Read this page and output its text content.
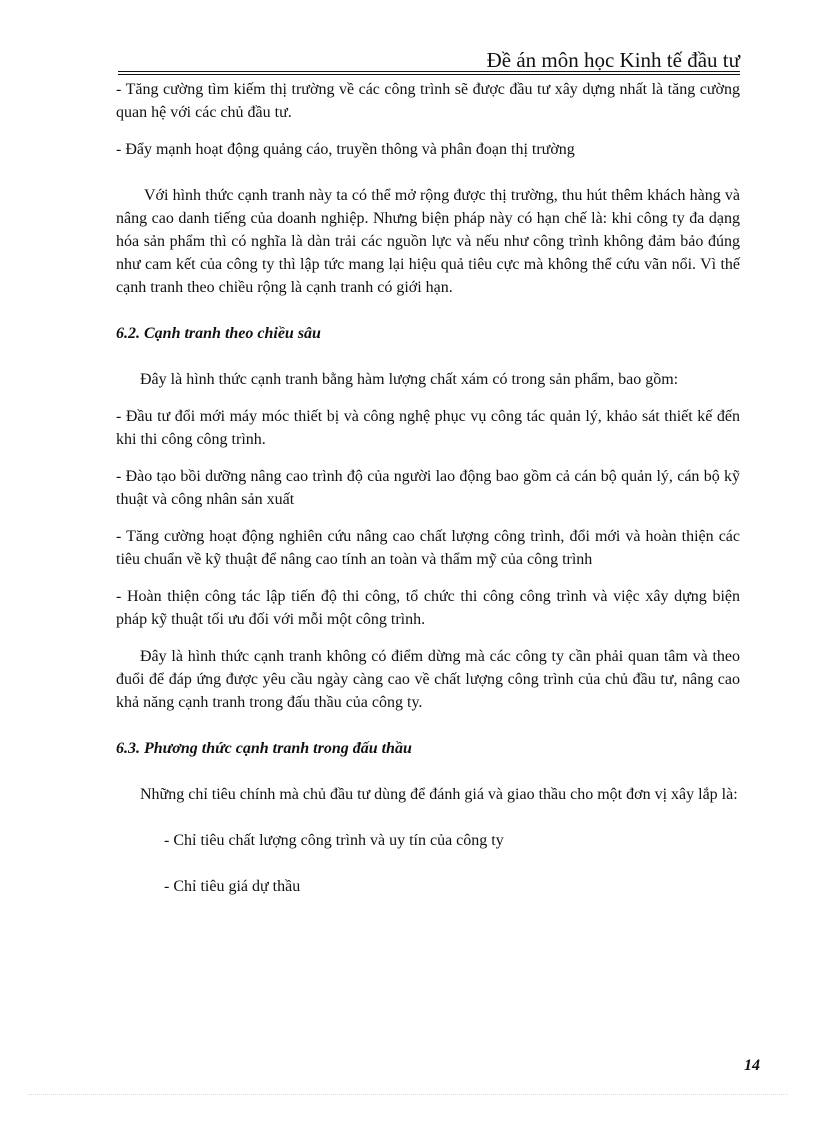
Đề án môn học Kinh tế đầu tư

- Tăng cường tìm kiếm thị trường về các công trình sẽ được đầu tư xây dựng nhất là tăng cường quan hệ với các chủ đầu tư.

- Đẩy mạnh hoạt động quảng cáo, truyền thông và phân đoạn thị trường

Với hình thức cạnh tranh này ta có thể mở rộng được thị trường, thu hút thêm khách hàng và nâng cao danh tiếng của doanh nghiệp. Nhưng biện pháp này có hạn chế là: khi công ty đa dạng hóa sản phẩm thì có nghĩa là dàn trải các nguồn lực và nếu như công trình không đảm bảo đúng như cam kết của công ty thì lập tức mang lại hiệu quả tiêu cực mà không thể cứu vãn nổi. Vì thế cạnh tranh theo chiều rộng là cạnh tranh có giới hạn.

6.2. Cạnh tranh theo chiều sâu

Đây là hình thức cạnh tranh bằng hàm lượng chất xám có trong sản phẩm, bao gồm:

- Đầu tư đổi mới máy móc thiết bị và công nghệ phục vụ công tác quản lý, khảo sát thiết kế đến khi thi công công trình.

- Đào tạo bồi dưỡng nâng cao trình độ của người lao động bao gồm cả cán bộ quản lý, cán bộ kỹ thuật và công nhân sản xuất

- Tăng cường hoạt động nghiên cứu nâng cao chất lượng công trình, đổi mới và hoàn thiện các tiêu chuẩn về kỹ thuật để nâng cao tính an toàn và thẩm mỹ của công trình

- Hoàn thiện công tác lập tiến độ thi công, tổ chức thi công công trình và việc xây dựng biện pháp kỹ thuật tối ưu đối với mỗi một công trình.

Đây là hình thức cạnh tranh không có điểm dừng mà các công ty cần phải quan tâm và theo đuổi để đáp ứng được yêu cầu ngày càng cao về chất lượng công trình của chủ đầu tư, nâng cao khả năng cạnh tranh trong đấu thầu của công ty.

6.3. Phương thức cạnh tranh trong đấu thầu

Những chỉ tiêu chính mà chủ đầu tư dùng để đánh giá và giao thầu cho một đơn vị xây lắp là:

- Chỉ tiêu chất lượng công trình và uy tín của công ty

- Chỉ tiêu giá dự thầu

14
